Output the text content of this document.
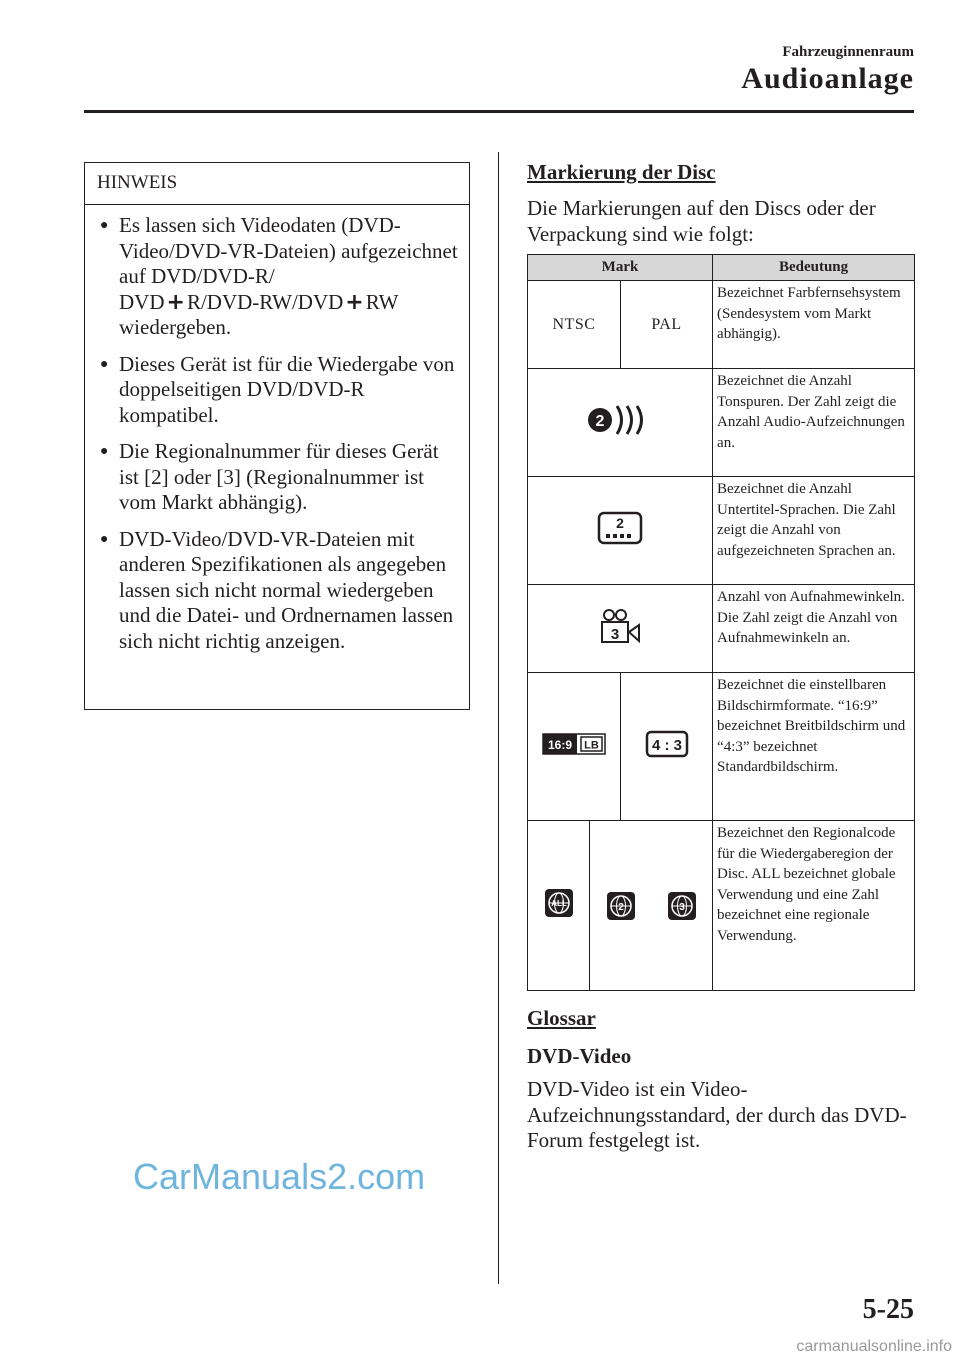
Fahrzeuginnenraum
Audioanlage
HINWEIS
● Es lassen sich Videodaten (DVD-Video/DVD-VR-Dateien) aufgezeichnet auf DVD/DVD-R/
DVD+R/DVD-RW/DVD+RW wiedergeben.
● Dieses Gerät ist für die Wiedergabe von doppelseitigen DVD/DVD-R kompatibel.
● Die Regionalnummer für dieses Gerät ist [2] oder [3] (Regionalnummer ist vom Markt abhängig).
● DVD-Video/DVD-VR-Dateien mit anderen Spezifikationen als angegeben lassen sich nicht normal wiedergeben und die Datei- und Ordnernamen lassen sich nicht richtig anzeigen.
Markierung der Disc
Die Markierungen auf den Discs oder der Verpackung sind wie folgt:
Mark			Bedeutung
NTSC		PAL	Bezeichnet Farbfernsehsystem (Sendesystem vom Markt abhängig).

2			Bezeichnet die Anzahl Tonspuren. Der Zahl zeigt die Anzahl Audio-Aufzeichnungen an.

2			Bezeichnet die Anzahl Untertitel-Sprachen. Die Zahl zeigt die Anzahl von aufgezeichneten Sprachen an.

3			Anzahl von Aufnahmewinkeln. Die Zahl zeigt die Anzahl von Aufnahmewinkeln an.

16:9 LB		4 : 3	Bezeichnet die einstellbaren Bildschirmformate. “16:9” bezeichnet Breitbildschirm und “4:3” bezeichnet Standardbildschirm.

ALL	2 3		Bezeichnet den Regionalcode für die Wiedergaberegion der Disc. ALL bezeichnet globale Verwendung und eine Zahl bezeichnet eine regionale Verwendung.
Glossar
DVD-Video
DVD-Video ist ein Video-Aufzeichnungsstandard, der durch das DVD-Forum festgelegt ist.
CarManuals2.com
5-25
carmanualsonline.info
